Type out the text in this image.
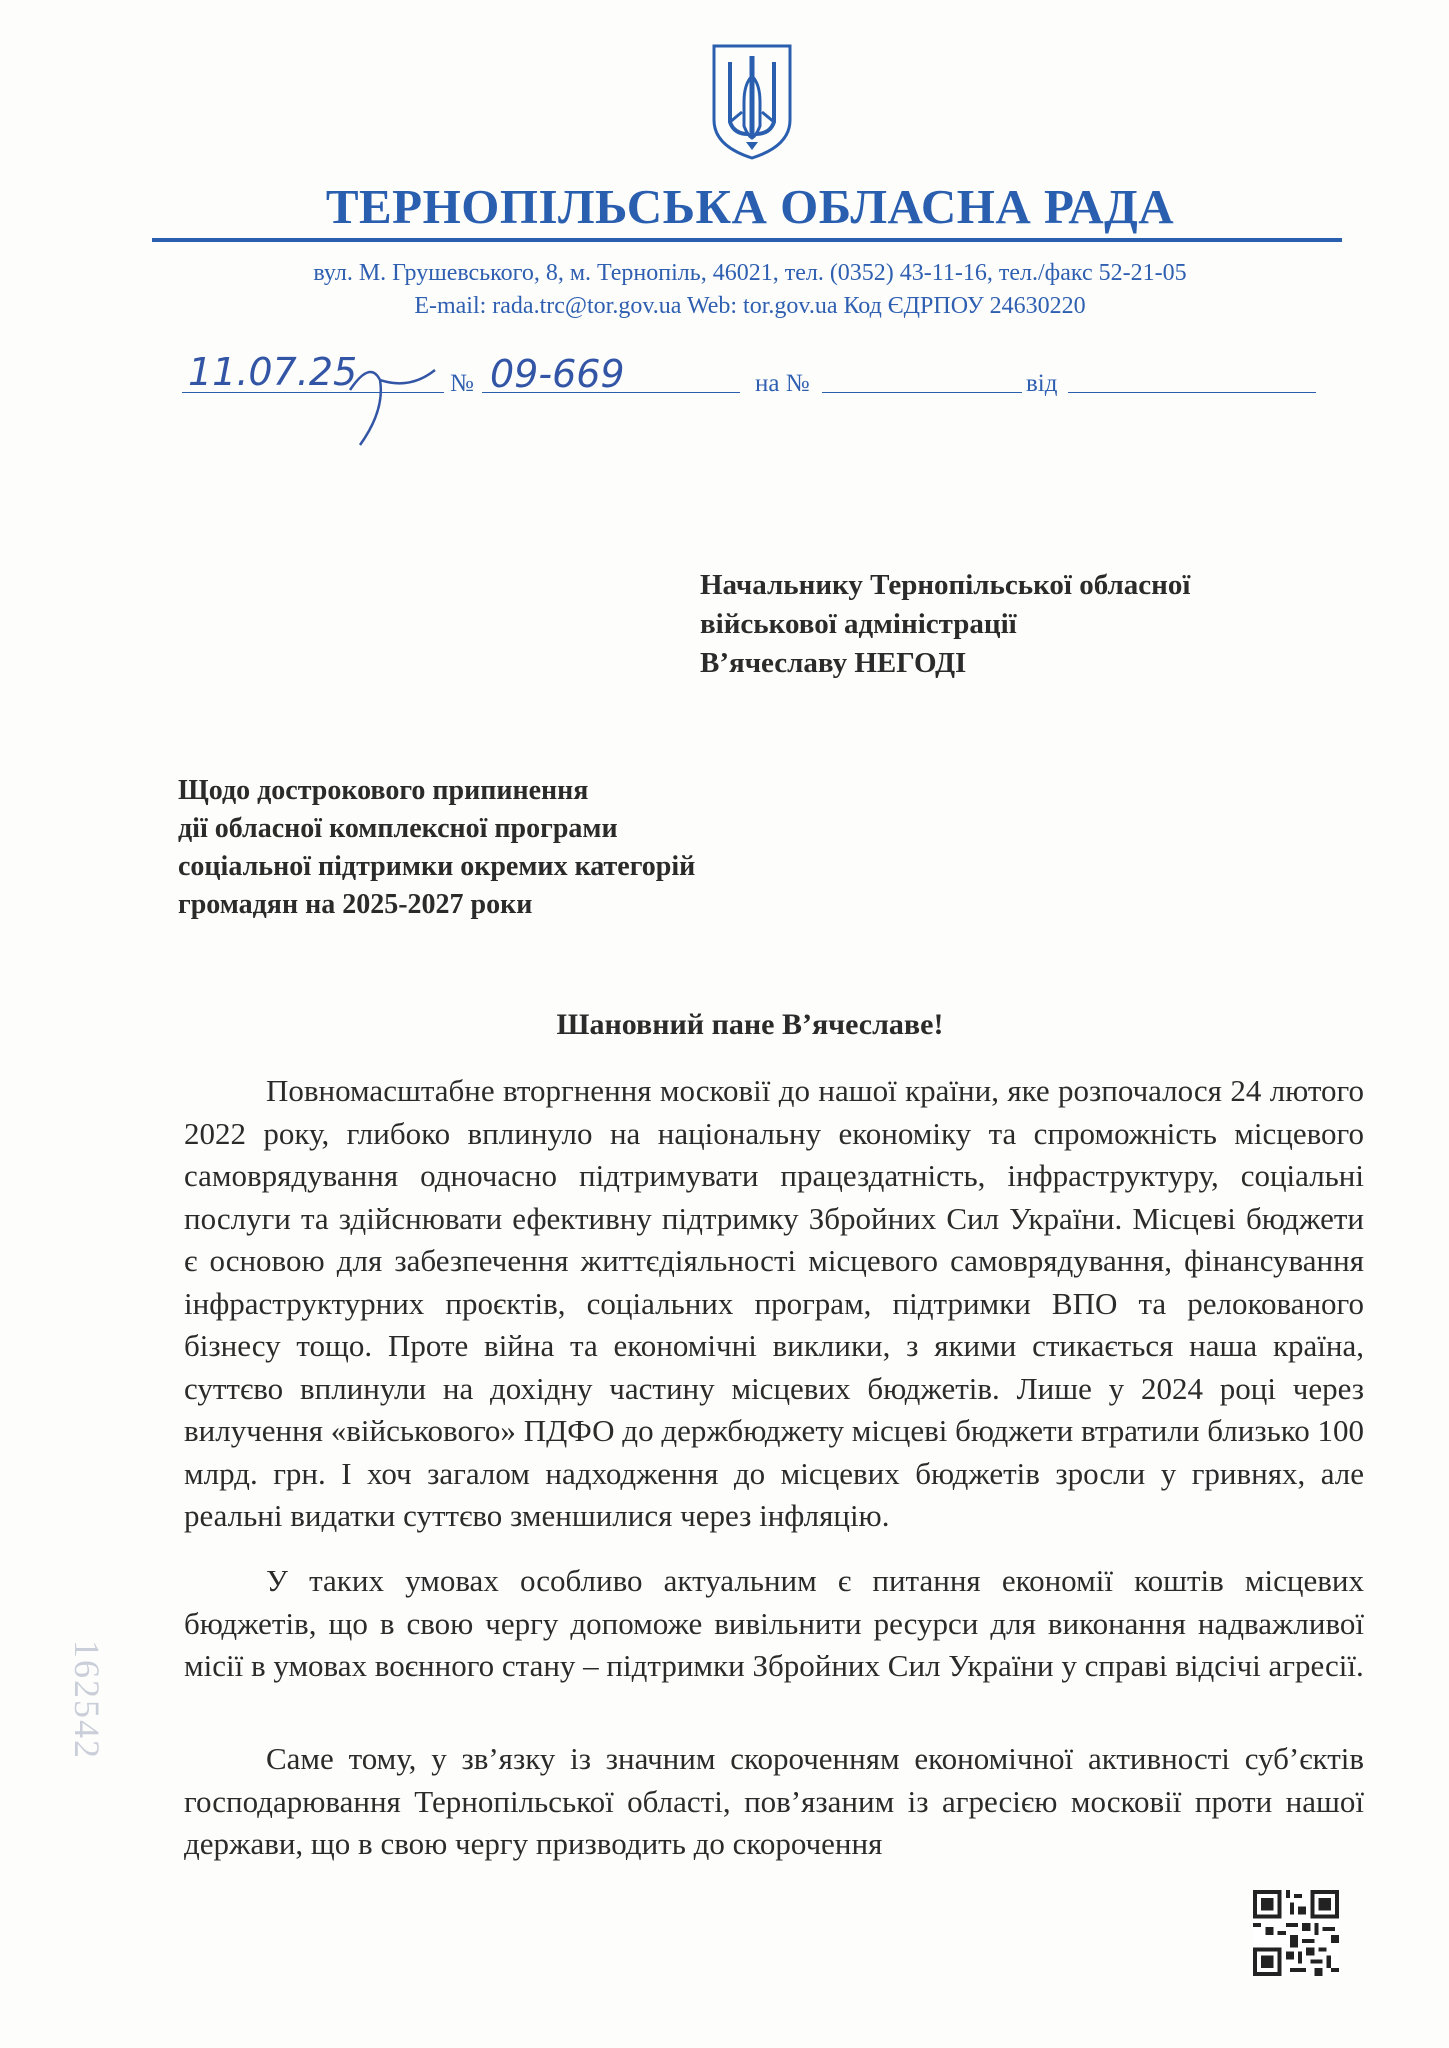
ТЕРНОПІЛЬСЬКА ОБЛАСНА РАДА
вул. М. Грушевського, 8, м. Тернопіль, 46021, тел. (0352) 43-11-16, тел./факс 52-21-05
E-mail: rada.trc@tor.gov.ua Web: tor.gov.ua Код ЄДРПОУ 24630220
11.07.25	№ 09-669	на №	від
Начальнику Тернопільської обласної
військової адміністрації
В’ячеславу НЕГОДІ
Щодо дострокового припинення
дії обласної комплексної програми
соціальної підтримки окремих категорій
громадян на 2025-2027 роки
Шановний пане В’ячеславе!

Повномасштабне вторгнення московії до нашої країни, яке розпочалося 24 лютого 2022 року, глибоко вплинуло на національну економіку та спроможність місцевого самоврядування одночасно підтримувати працездатність, інфраструктуру, соціальні послуги та здійснювати ефективну підтримку Збройних Сил України. Місцеві бюджети є основою для забезпечення життєдіяльності місцевого самоврядування, фінансування інфраструктурних проєктів, соціальних програм, підтримки ВПО та релокованого бізнесу тощо. Проте війна та економічні виклики, з якими стикається наша країна, суттєво вплинули на дохідну частину місцевих бюджетів. Лише у 2024 році через вилучення «військового» ПДФО до держбюджету місцеві бюджети втратили близько 100 млрд. грн. І хоч загалом надходження до місцевих бюджетів зросли у гривнях, але реальні видатки суттєво зменшилися через інфляцію.

У таких умовах особливо актуальним є питання економії коштів місцевих бюджетів, що в свою чергу допоможе вивільнити ресурси для виконання надважливої місії в умовах воєнного стану – підтримки Збройних Сил України у справі відсічі агресії.

Саме тому, у зв’язку із значним скороченням економічної активності суб’єктів господарювання Тернопільської області, пов’язаним із агресією московії проти нашої держави, що в свою чергу призводить до скорочення

162542
